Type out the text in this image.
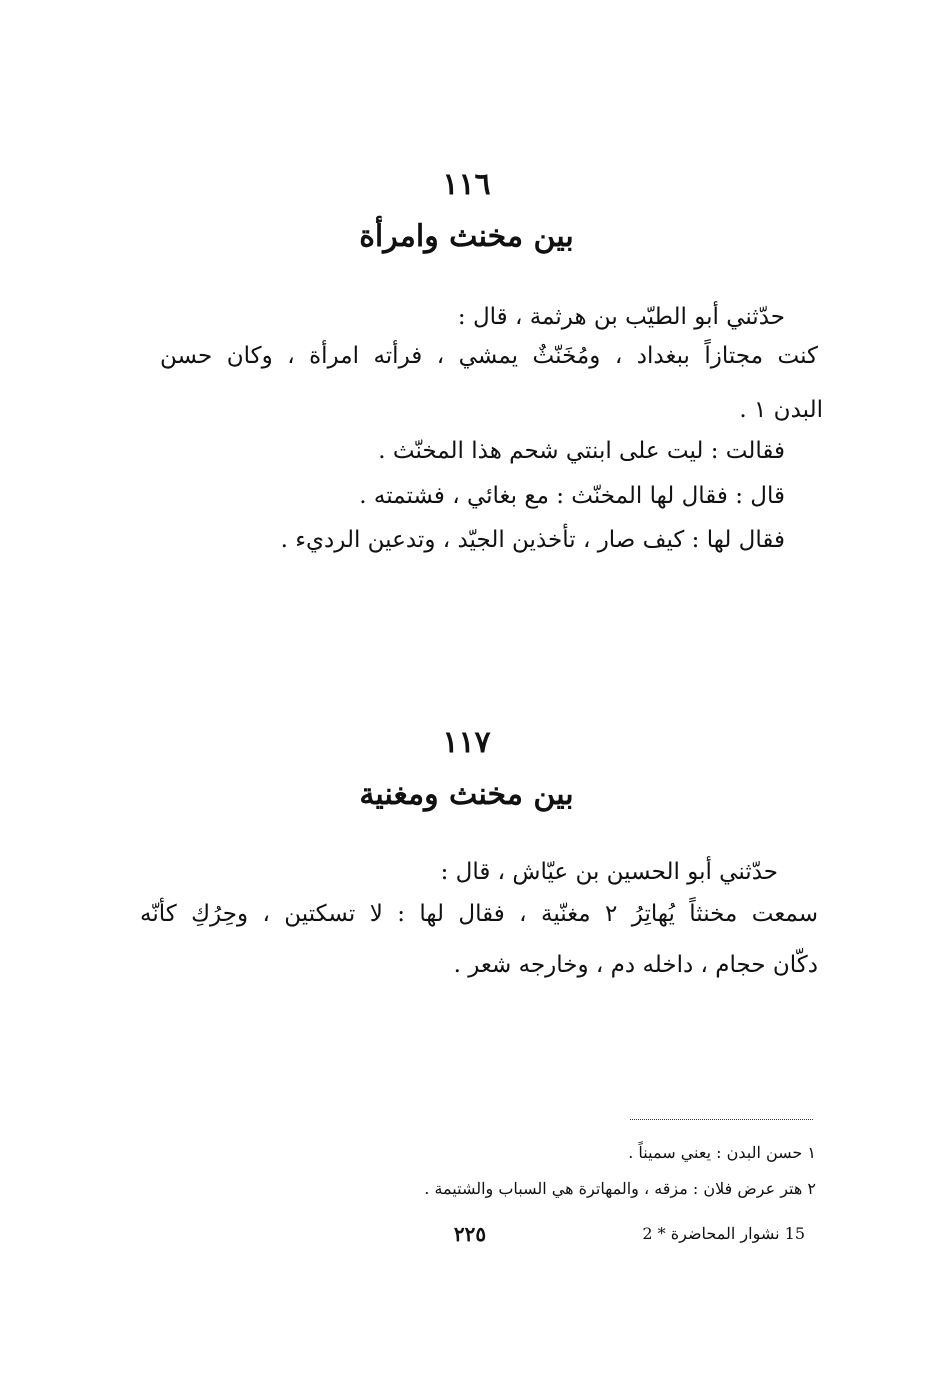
١١٦
بين مخنث وامرأة
حدّثني أبو الطيّب بن هرثمة ، قال :
كنت مجتازاً ببغداد ، ومُخَنّثٌ يمشي ، فرأته امرأة ، وكان حسن
البدن ١ .
فقالت : ليت على ابنتي شحم هذا المخنّث .
قال : فقال لها المخنّث : مع بغائي ، فشتمته .
فقال لها : كيف صار ، تأخذين الجيّد ، وتدعين الرديء .
١١٧
بين مخنث ومغنية
حدّثني أبو الحسين بن عيّاش ، قال :
سمعت مخنثاً يُهاتِرُ ٢ مغنّية ، فقال لها : لا تسكتين ، وحِرُكِ كأنّه
دكّان حجام ، داخله دم ، وخارجه شعر .
١ حسن البدن : يعني سميناً .
٢ هتر عرض فلان : مزقه ، والمهاترة هي السباب والشتيمة .
٢٢٥	15 نشوار المحاضرة * 2
